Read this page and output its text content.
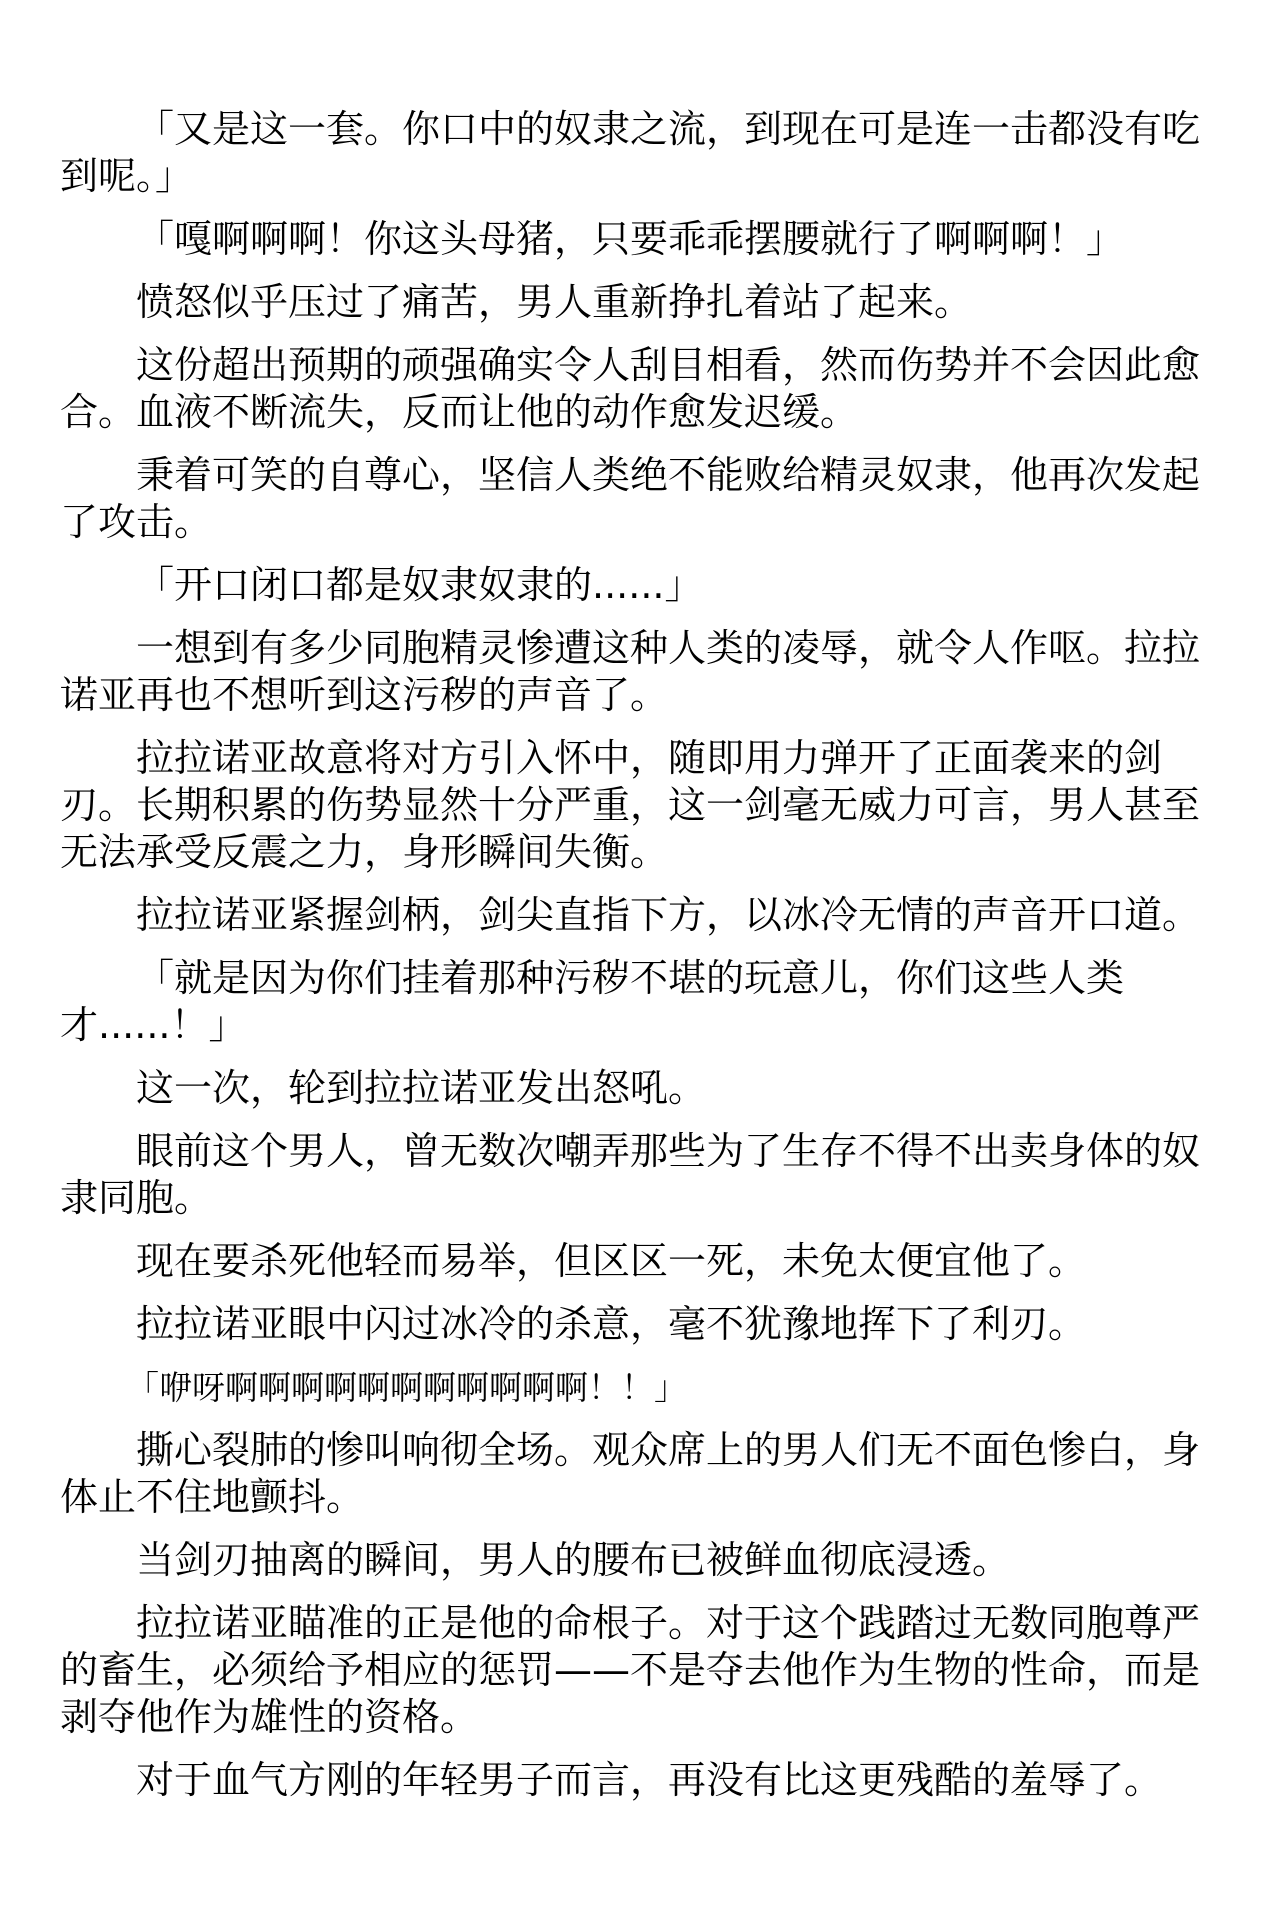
「又是这一套。你口中的奴隶之流，到现在可是连一击都没有吃到呢。」

「嘎啊啊啊！你这头母猪，只要乖乖摆腰就行了啊啊啊！」

愤怒似乎压过了痛苦，男人重新挣扎着站了起来。

这份超出预期的顽强确实令人刮目相看，然而伤势并不会因此愈合。血液不断流失，反而让他的动作愈发迟缓。

秉着可笑的自尊心，坚信人类绝不能败给精灵奴隶，他再次发起了攻击。

「开口闭口都是奴隶奴隶的......」

一想到有多少同胞精灵惨遭这种人类的凌辱，就令人作呕。拉拉诺亚再也不想听到这污秽的声音了。

拉拉诺亚故意将对方引入怀中，随即用力弹开了正面袭来的剑刃。长期积累的伤势显然十分严重，这一剑毫无威力可言，男人甚至无法承受反震之力，身形瞬间失衡。

拉拉诺亚紧握剑柄，剑尖直指下方，以冰冷无情的声音开口道。

「就是因为你们挂着那种污秽不堪的玩意儿，你们这些人类才......！」

这一次，轮到拉拉诺亚发出怒吼。

眼前这个男人，曾无数次嘲弄那些为了生存不得不出卖身体的奴隶同胞。

现在要杀死他轻而易举，但区区一死，未免太便宜他了。

拉拉诺亚眼中闪过冰冷的杀意，毫不犹豫地挥下了利刃。

「咿呀啊啊啊啊啊啊啊啊啊啊啊！！」

撕心裂肺的惨叫响彻全场。观众席上的男人们无不面色惨白，身体止不住地颤抖。

当剑刃抽离的瞬间，男人的腰布已被鲜血彻底浸透。

拉拉诺亚瞄准的正是他的命根子。对于这个践踏过无数同胞尊严的畜生，必须给予相应的惩罚——不是夺去他作为生物的性命，而是剥夺他作为雄性的资格。

对于血气方刚的年轻男子而言，再没有比这更残酷的羞辱了。
